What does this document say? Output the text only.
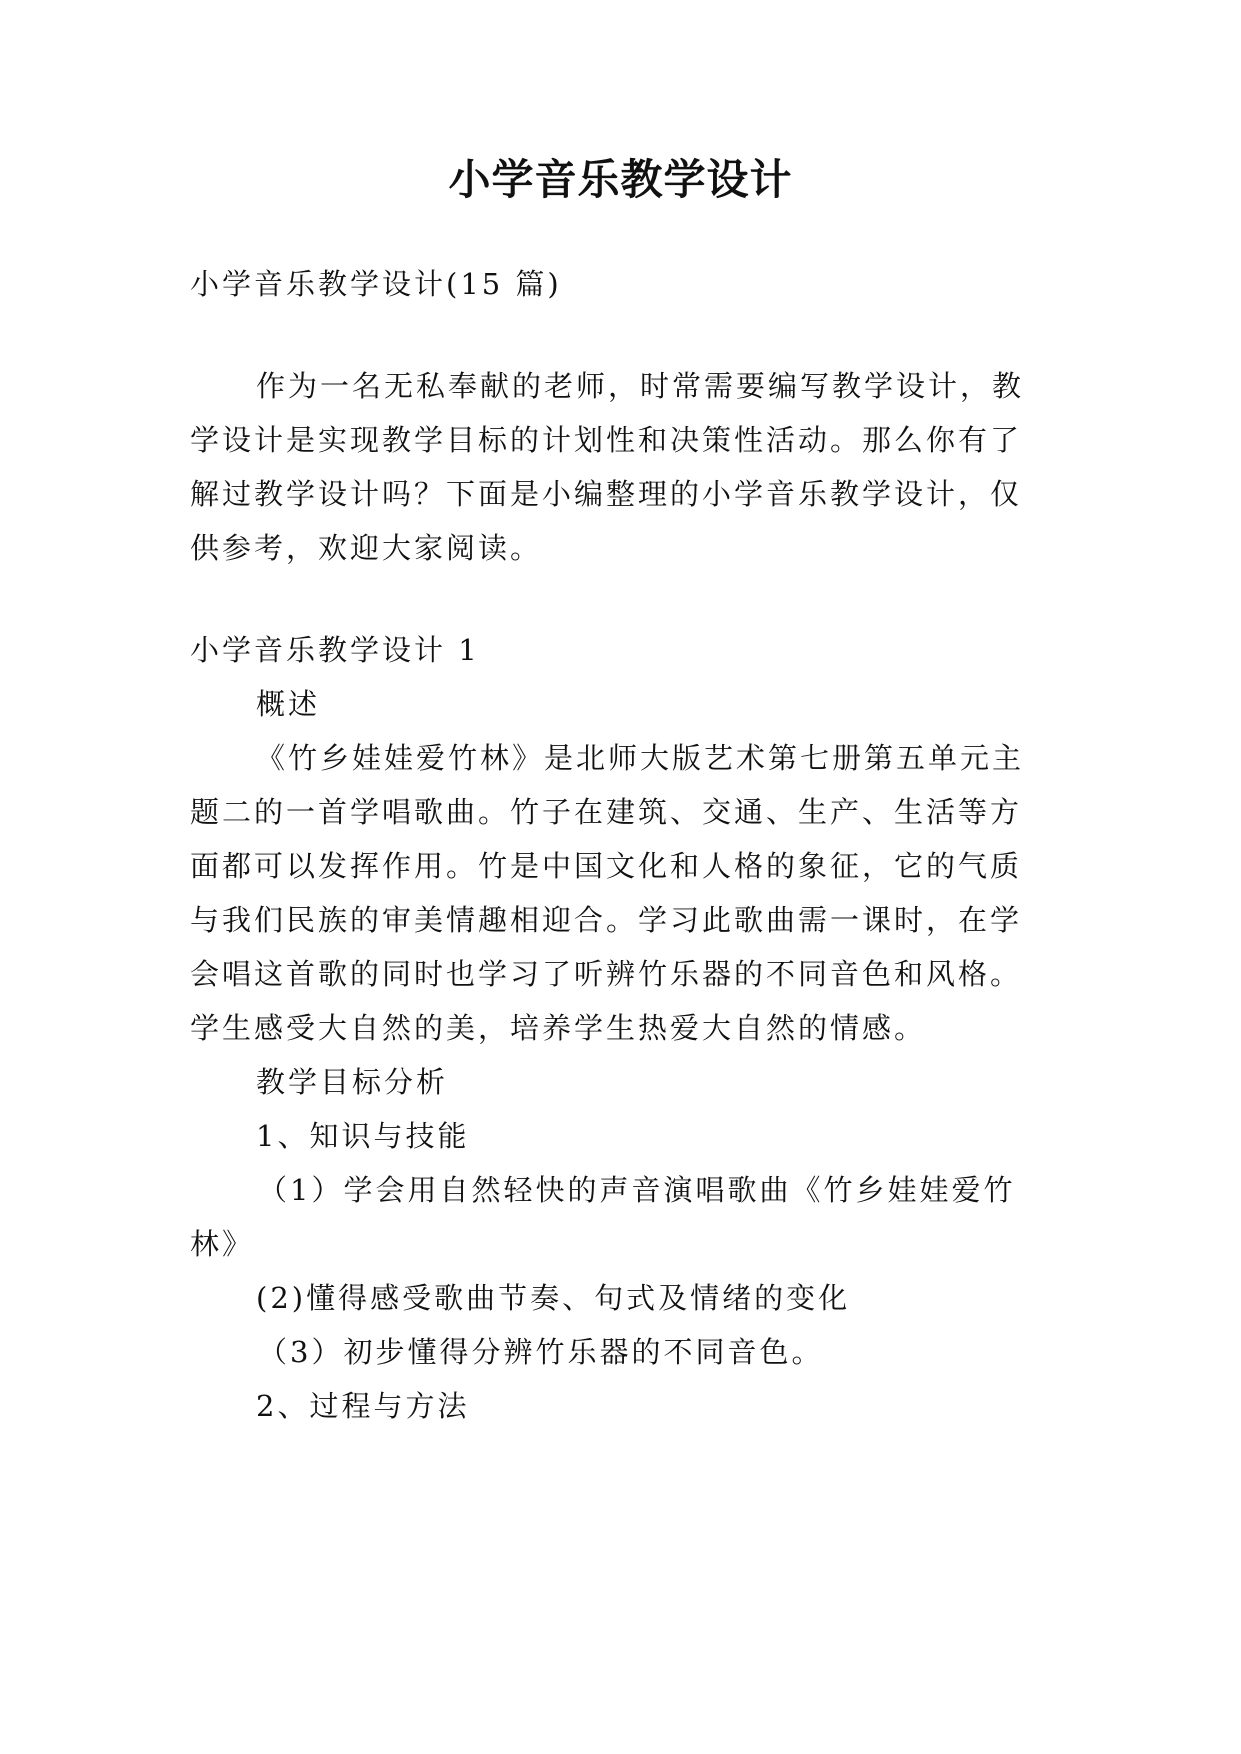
小学音乐教学设计
小学音乐教学设计(15 篇)
作为一名无私奉献的老师，时常需要编写教学设计，教
学设计是实现教学目标的计划性和决策性活动。那么你有了
解过教学设计吗？下面是小编整理的小学音乐教学设计，仅
供参考，欢迎大家阅读。
小学音乐教学设计 1
概述
《竹乡娃娃爱竹林》是北师大版艺术第七册第五单元主
题二的一首学唱歌曲。竹子在建筑、交通、生产、生活等方
面都可以发挥作用。竹是中国文化和人格的象征，它的气质
与我们民族的审美情趣相迎合。学习此歌曲需一课时，在学
会唱这首歌的同时也学习了听辨竹乐器的不同音色和风格。
学生感受大自然的美，培养学生热爱大自然的情感。
教学目标分析
1、知识与技能
（1）学会用自然轻快的声音演唱歌曲《竹乡娃娃爱竹
林》
(2)懂得感受歌曲节奏、句式及情绪的变化
（3）初步懂得分辨竹乐器的不同音色。
2、过程与方法
